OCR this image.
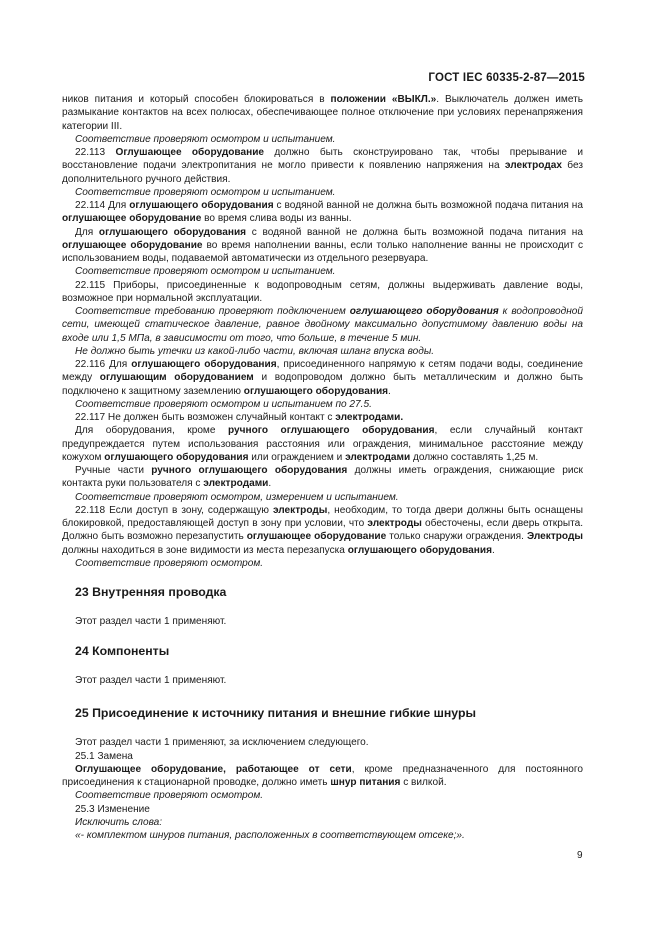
ГОСТ IEC 60335-2-87—2015

ников питания и который способен блокироваться в положении «ВЫКЛ.». Выключатель должен иметь размыкание контактов на всех полюсах, обеспечивающее полное отключение при условиях перенапряжения категории III.

Соответствие проверяют осмотром и испытанием.

22.113 Оглушающее оборудование должно быть сконструировано так, чтобы прерывание и восстановление подачи электропитания не могло привести к появлению напряжения на электродах без дополнительного ручного действия.

Соответствие проверяют осмотром и испытанием.

22.114 Для оглушающего оборудования с водяной ванной не должна быть возможной подача питания на оглушающее оборудование во время слива воды из ванны.

Для оглушающего оборудования с водяной ванной не должна быть возможной подача питания на оглушающее оборудование во время наполнении ванны, если только наполнение ванны не происходит с использованием воды, подаваемой автоматически из отдельного резервуара.

Соответствие проверяют осмотром и испытанием.

22.115 Приборы, присоединенные к водопроводным сетям, должны выдерживать давление воды, возможное при нормальной эксплуатации.

Соответствие требованию проверяют подключением оглушающего оборудования к водопроводной сети, имеющей статическое давление, равное двойному максимально допустимому давлению воды на входе или 1,5 МПа, в зависимости от того, что больше, в течение 5 мин.

Не должно быть утечки из какой-либо части, включая шланг впуска воды.

22.116 Для оглушающего оборудования, присоединенного напрямую к сетям подачи воды, соединение между оглушающим оборудованием и водопроводом должно быть металлическим и должно быть подключено к защитному заземлению оглушающего оборудования.

Соответствие проверяют осмотром и испытанием по 27.5.

22.117 Не должен быть возможен случайный контакт с электродами.

Для оборудования, кроме ручного оглушающего оборудования, если случайный контакт предупреждается путем использования расстояния или ограждения, минимальное расстояние между кожухом оглушающего оборудования или ограждением и электродами должно составлять 1,25 м.

Ручные части ручного оглушающего оборудования должны иметь ограждения, снижающие риск контакта руки пользователя с электродами.

Соответствие проверяют осмотром, измерением и испытанием.

22.118 Если доступ в зону, содержащую электроды, необходим, то тогда двери должны быть оснащены блокировкой, предоставляющей доступ в зону при условии, что электроды обесточены, если дверь открыта. Должно быть возможно перезапустить оглушающее оборудование только снаружи ограждения. Электроды должны находиться в зоне видимости из места перезапуска оглушающего оборудования.

Соответствие проверяют осмотром.

23 Внутренняя проводка

Этот раздел части 1 применяют.

24 Компоненты

Этот раздел части 1 применяют.

25 Присоединение к источнику питания и внешние гибкие шнуры

Этот раздел части 1 применяют, за исключением следующего.

25.1 Замена

Оглушающее оборудование, работающее от сети, кроме предназначенного для постоянного присоединения к стационарной проводке, должно иметь шнур питания с вилкой.

Соответствие проверяют осмотром.

25.3 Изменение

Исключить слова:

«- комплектом шнуров питания, расположенных в соответствующем отсеке;».

9
